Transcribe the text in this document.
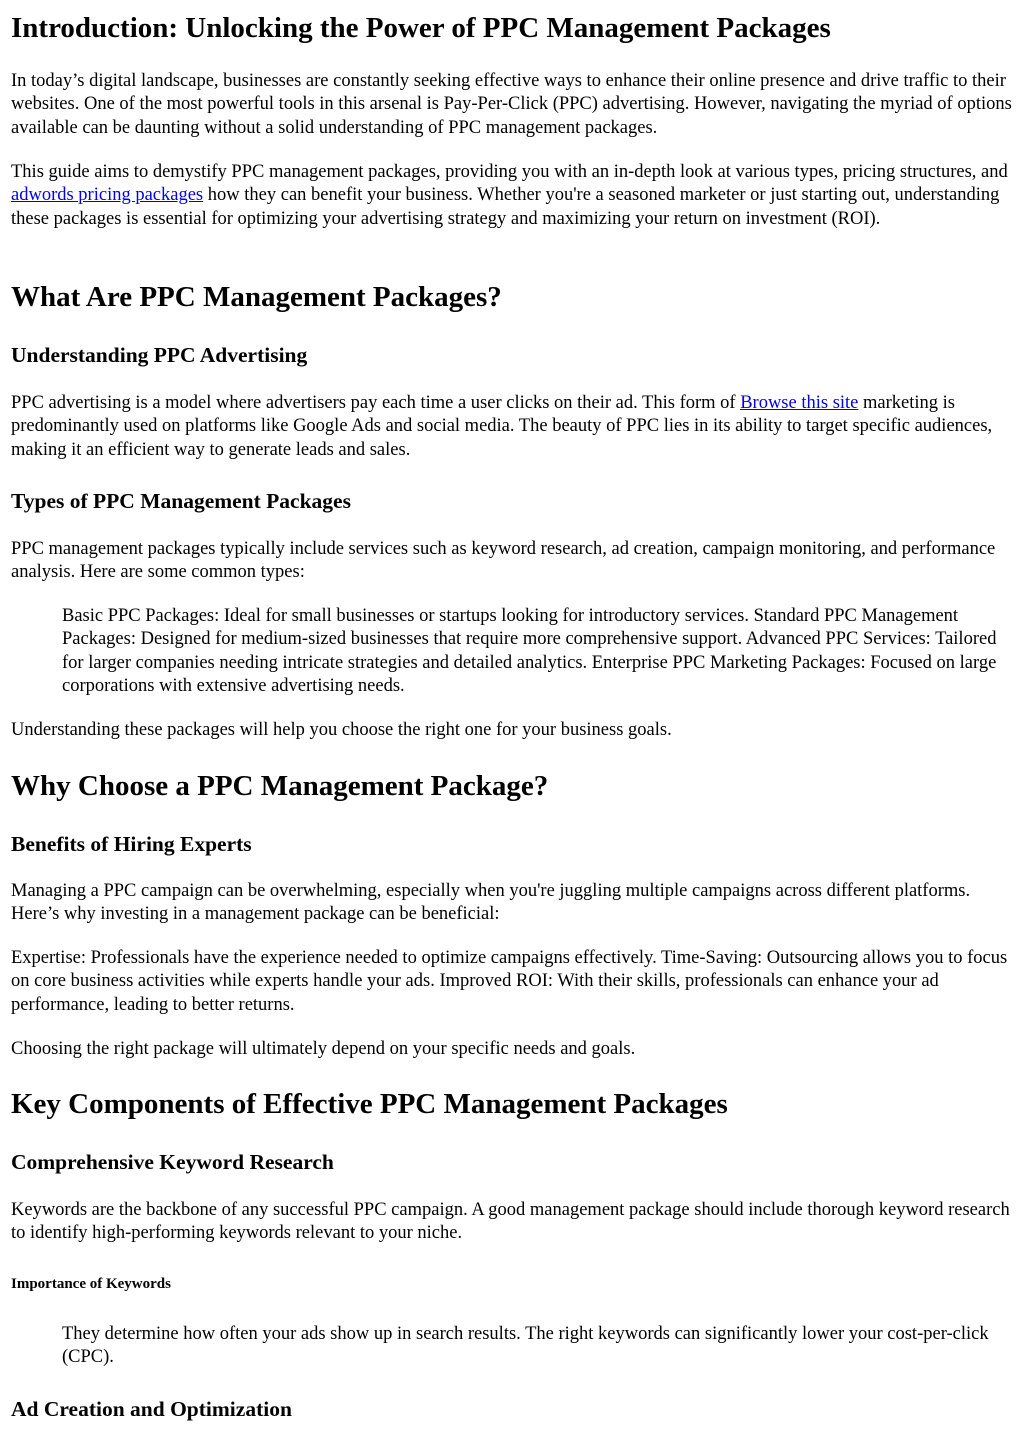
Introduction: Unlocking the Power of PPC Management Packages

In today’s digital landscape, businesses are constantly seeking effective ways to enhance their online presence and drive traffic to their websites. One of the most powerful tools in this arsenal is Pay-Per-Click (PPC) advertising. However, navigating the myriad of options available can be daunting without a solid understanding of PPC management packages.

This guide aims to demystify PPC management packages, providing you with an in-depth look at various types, pricing structures, and adwords pricing packages how they can benefit your business. Whether you're a seasoned marketer or just starting out, understanding these packages is essential for optimizing your advertising strategy and maximizing your return on investment (ROI).

What Are PPC Management Packages?
Understanding PPC Advertising

PPC advertising is a model where advertisers pay each time a user clicks on their ad. This form of Browse this site marketing is predominantly used on platforms like Google Ads and social media. The beauty of PPC lies in its ability to target specific audiences, making it an efficient way to generate leads and sales.

Types of PPC Management Packages

PPC management packages typically include services such as keyword research, ad creation, campaign monitoring, and performance analysis. Here are some common types:

Basic PPC Packages: Ideal for small businesses or startups looking for introductory services. Standard PPC Management Packages: Designed for medium-sized businesses that require more comprehensive support. Advanced PPC Services: Tailored for larger companies needing intricate strategies and detailed analytics. Enterprise PPC Marketing Packages: Focused on large corporations with extensive advertising needs.

Understanding these packages will help you choose the right one for your business goals.

Why Choose a PPC Management Package?
Benefits of Hiring Experts

Managing a PPC campaign can be overwhelming, especially when you're juggling multiple campaigns across different platforms. Here’s why investing in a management package can be beneficial:

Expertise: Professionals have the experience needed to optimize campaigns effectively. Time-Saving: Outsourcing allows you to focus on core business activities while experts handle your ads. Improved ROI: With their skills, professionals can enhance your ad performance, leading to better returns.

Choosing the right package will ultimately depend on your specific needs and goals.

Key Components of Effective PPC Management Packages
Comprehensive Keyword Research

Keywords are the backbone of any successful PPC campaign. A good management package should include thorough keyword research to identify high-performing keywords relevant to your niche.

Importance of Keywords

They determine how often your ads show up in search results. The right keywords can significantly lower your cost-per-click (CPC).

Ad Creation and Optimization
